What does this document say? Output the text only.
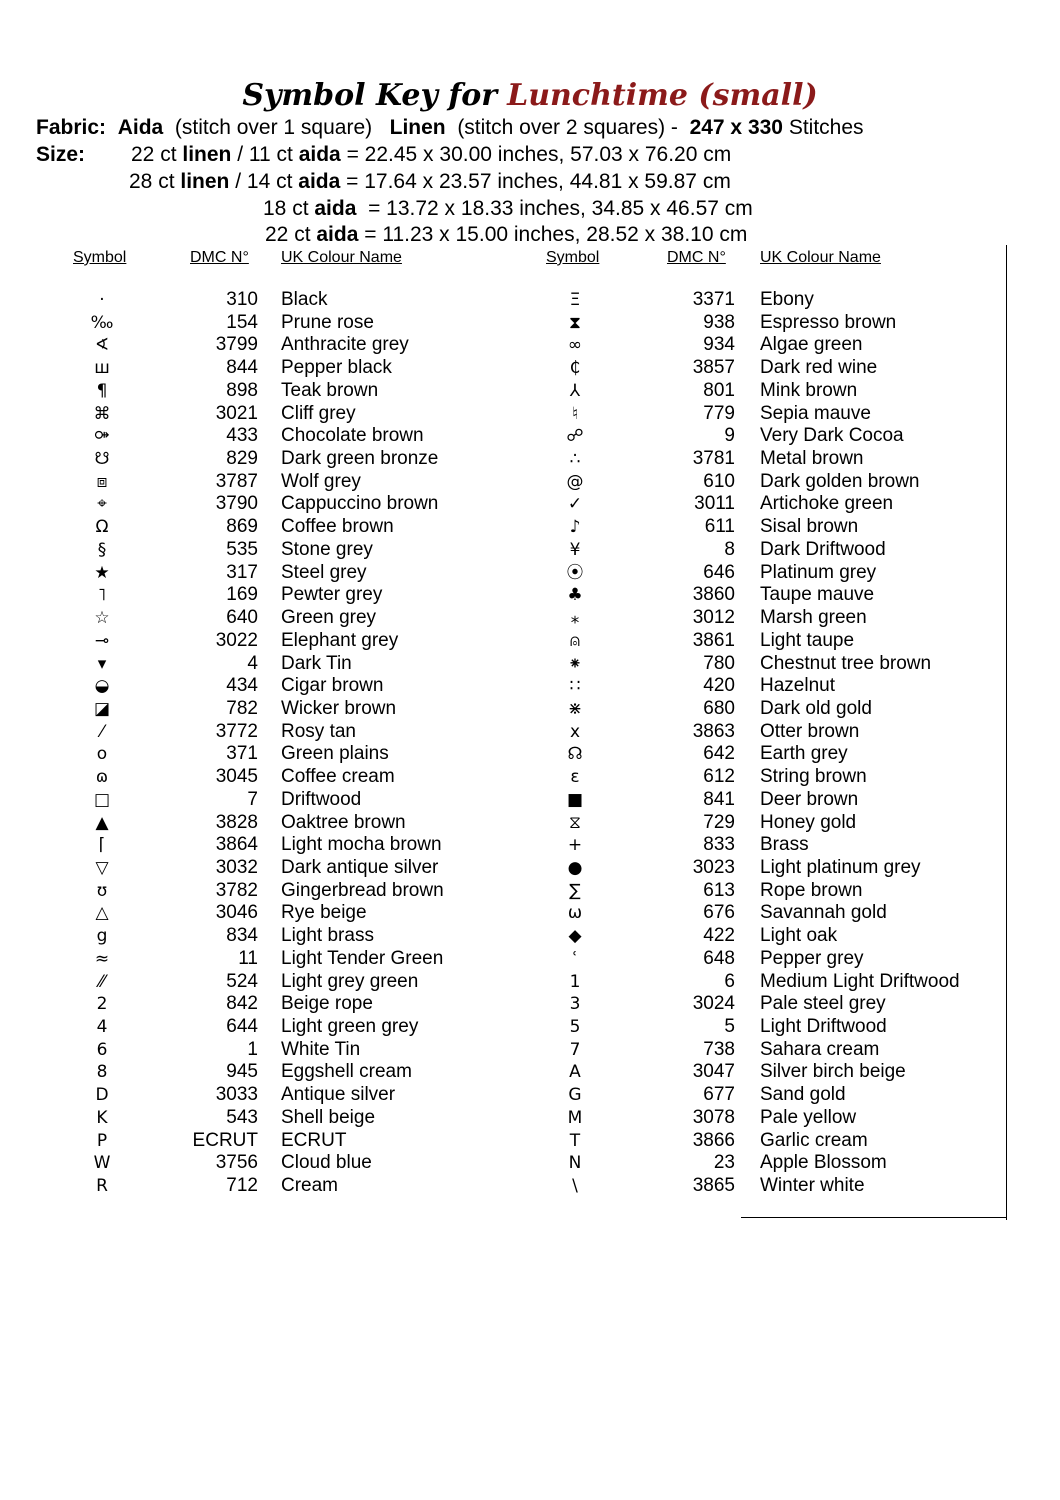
Symbol Key for Lunchtime (small)
Fabric: Aida (stitch over 1 square) Linen (stitch over 2 squares) - 247 x 330 Stitches
Size: 22 ct linen / 11 ct aida = 22.45 x 30.00 inches, 57.03 x 76.20 cm
28 ct linen / 14 ct aida = 17.64 x 23.57 inches, 44.81 x 59.87 cm
18 ct aida  = 13.72 x 18.33 inches, 34.85 x 46.57 cm
22 ct aida = 11.23 x 15.00 inches, 28.52 x 38.10 cm
Symbol	DMC N° UK Colour Name	Symbol	DMC N° UK Colour Name
·	310 Black
‰	154 Prune rose
∢	3799 Anthracite grey
ш	844 Pepper black
¶	898 Teak brown
⌘	3021 Cliff grey
⚩	433 Chocolate brown
☋	829 Dark green bronze
⧈	3787 Wolf grey
⌖	3790 Cappuccino brown
Ω	869 Coffee brown
§	535 Stone grey
★	317 Steel grey
˥	169 Pewter grey
☆	640 Green grey
⊸	3022 Elephant grey
▾	4 Dark Tin
◒	434 Cigar brown
◪	782 Wicker brown
⁄	3772 Rosy tan
o	371 Green plains
ɷ	3045 Coffee cream
□	7 Driftwood
▲	3828 Oaktree brown
⌈	3864 Light mocha brown
▽	3032 Dark antique silver
ʊ	3782 Gingerbread brown
△	3046 Rye beige
g	834 Light brass
≈	11 Light Tender Green
⁄⁄	524 Light grey green
2	842 Beige rope
4	644 Light green grey
6	1 White Tin
8	945 Eggshell cream
D	3033 Antique silver
K	543 Shell beige
P	ECRUT ECRUT
W	3756 Cloud blue
R	712 Cream
Ξ	3371 Ebony
⧗	938 Espresso brown
∞	934 Algae green
₵	3857 Dark red wine
⅄	801 Mink brown
♮	779 Sepia mauve
☍	9 Very Dark Cocoa
∴	3781 Metal brown
@	610 Dark golden brown
✓	3011 Artichoke green
♪	611 Sisal brown
¥	8 Dark Driftwood
⦿	646 Platinum grey
♣	3860 Taupe mauve
⁎	3012 Marsh green
⍝	3861 Light taupe
⁕	780 Chestnut tree brown
∷	420 Hazelnut
⋇	680 Dark old gold
x	3863 Otter brown
☊	642 Earth grey
ɛ	612 String brown
■	841 Deer brown
⧖	729 Honey gold
+	833 Brass
●	3023 Light platinum grey
∑	613 Rope brown
ω	676 Savannah gold
◆	422 Light oak
ʿ	648 Pepper grey
1	6 Medium Light Driftwood
3	3024 Pale steel grey
5	5 Light Driftwood
7	738 Sahara cream
A	3047 Silver birch beige
G	677 Sand gold
M	3078 Pale yellow
T	3866 Garlic cream
N	23 Apple Blossom
\	3865 Winter white
